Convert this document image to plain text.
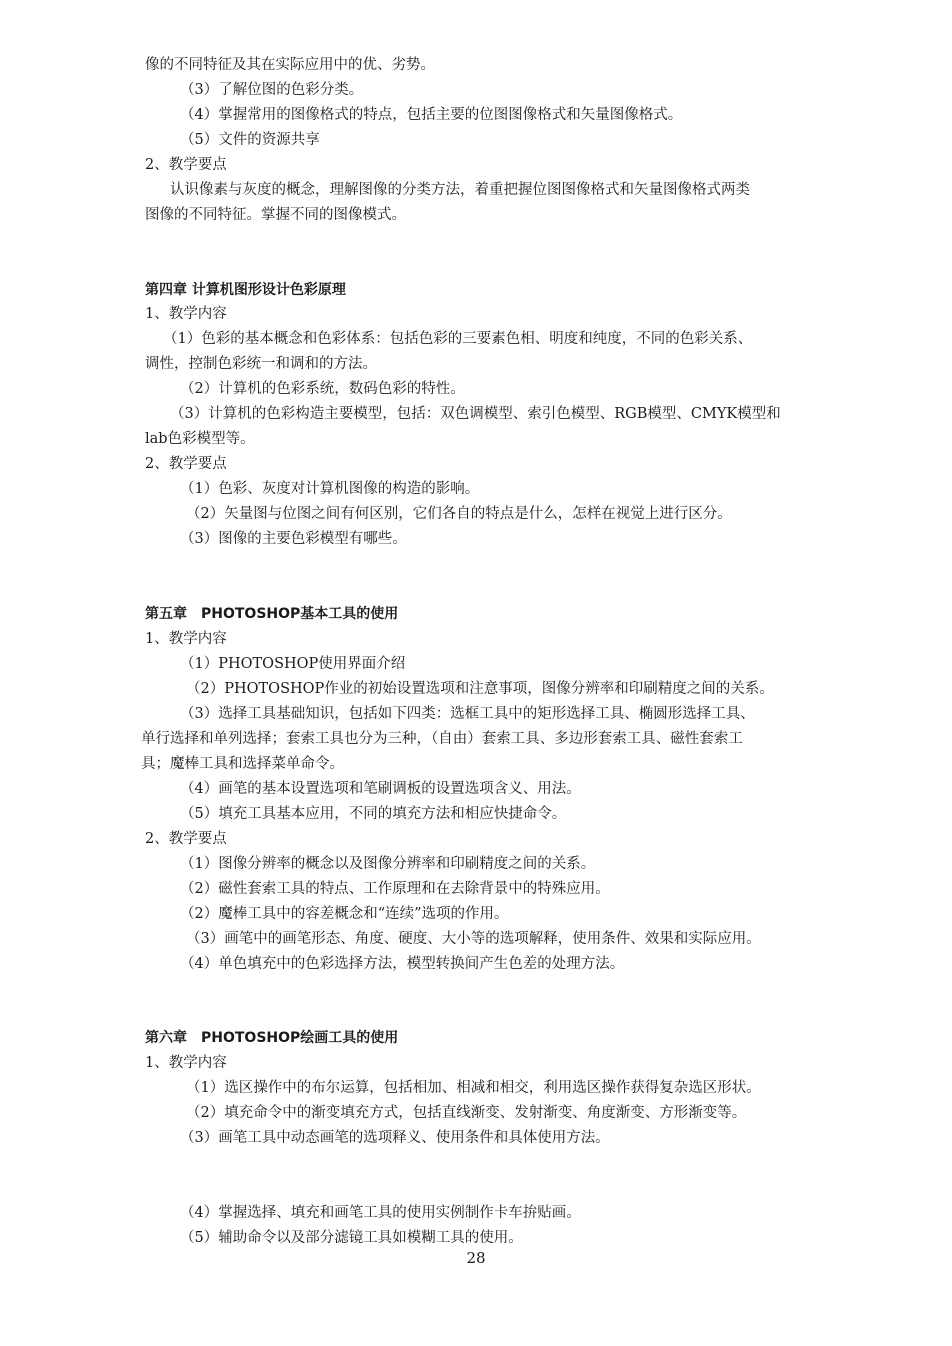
像的不同特征及其在实际应用中的优、劣势。
（3）了解位图的色彩分类。
（4）掌握常用的图像格式的特点，包括主要的位图图像格式和矢量图像格式。
（5）文件的资源共享
2、教学要点
认识像素与灰度的概念，理解图像的分类方法，着重把握位图图像格式和矢量图像格式两类
图像的不同特征。掌握不同的图像模式。
第四章 计算机图形设计色彩原理
1、教学内容
（1）色彩的基本概念和色彩体系：包括色彩的三要素色相、明度和纯度，不同的色彩关系、
调性，控制色彩统一和调和的方法。
（2）计算机的色彩系统，数码色彩的特性。
（3）计算机的色彩构造主要模型，包括：双色调模型、索引色模型、RGB模型、CMYK模型和
lab色彩模型等。
2、教学要点
（1）色彩、灰度对计算机图像的构造的影响。
（2）矢量图与位图之间有何区别，它们各自的特点是什么，怎样在视觉上进行区分。
（3）图像的主要色彩模型有哪些。
第五章　PHOTOSHOP基本工具的使用
1、教学内容
（1）PHOTOSHOP使用界面介绍
（2）PHOTOSHOP作业的初始设置选项和注意事项，图像分辨率和印刷精度之间的关系。
（3）选择工具基础知识，包括如下四类：选框工具中的矩形选择工具、椭圆形选择工具、
单行选择和单列选择；套索工具也分为三种，（自由）套索工具、多边形套索工具、磁性套索工
具；魔棒工具和选择菜单命令。
（4）画笔的基本设置选项和笔刷调板的设置选项含义、用法。
（5）填充工具基本应用，不同的填充方法和相应快捷命令。
2、教学要点
（1）图像分辨率的概念以及图像分辨率和印刷精度之间的关系。
（2）磁性套索工具的特点、工作原理和在去除背景中的特殊应用。
（2）魔棒工具中的容差概念和“连续”选项的作用。
（3）画笔中的画笔形态、角度、硬度、大小等的选项解释，使用条件、效果和实际应用。
（4）单色填充中的色彩选择方法，模型转换间产生色差的处理方法。
第六章　PHOTOSHOP绘画工具的使用
1、教学内容
（1）选区操作中的布尔运算，包括相加、相减和相交，利用选区操作获得复杂选区形状。
（2）填充命令中的渐变填充方式，包括直线渐变、发射渐变、角度渐变、方形渐变等。
（3）画笔工具中动态画笔的选项释义、使用条件和具体使用方法。
（4）掌握选择、填充和画笔工具的使用实例制作卡车拚贴画。
（5）辅助命令以及部分滤镜工具如模糊工具的使用。
28
